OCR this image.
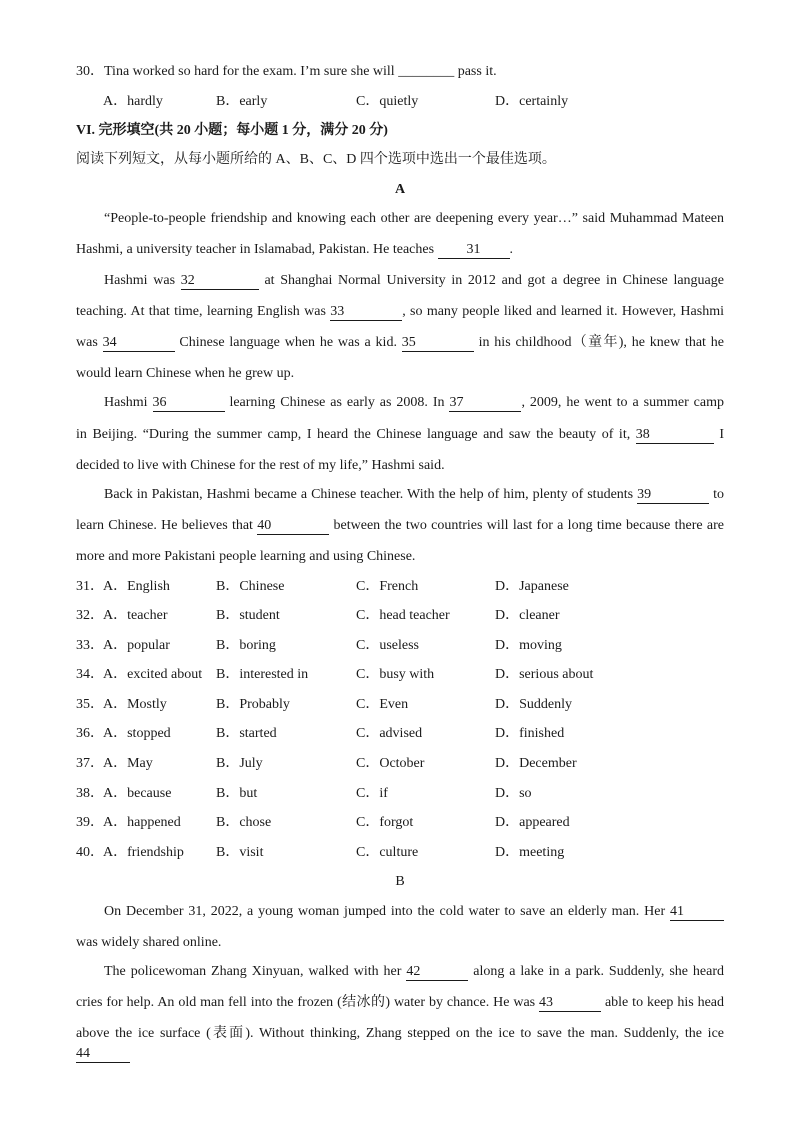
30．Tina worked so hard for the exam. I’m sure she will ________ pass it.
A．hardly	B．early	C．quietly	D．certainly
VI. 完形填空(共 20 小题；每小题 1 分，满分 20 分)
阅读下列短文，从每小题所给的 A、B、C、D 四个选项中选出一个最佳选项。
A
“People-to-people friendship and knowing each other are deepening every year…” said Muhammad Mateen
Hashmi, a university teacher in Islamabad, Pakistan. He teaches 31 .
Hashmi was 32	at Shanghai Normal University in 2012 and got a degree in Chinese language
teaching. At that time, learning English was 33	, so many people liked and learned it. However, Hashmi
was 34	Chinese language when he was a kid. 35	in his childhood（童年), he knew that he
would learn Chinese when he grew up.
Hashmi 36	learning Chinese as early as 2008. In 37	, 2009, he went to a summer camp
in Beijing. “During the summer camp, I heard the Chinese language and saw the beauty of it, 38	I
decided to live with Chinese for the rest of my life,” Hashmi said.
Back in Pakistan, Hashmi became a Chinese teacher. With the help of him, plenty of students 39	to
learn Chinese. He believes that 40	between the two countries will last for a long time because there are
more and more Pakistani people learning and using Chinese.
31． A．English	B．Chinese	C．French	D．Japanese
32． A．teacher	B．student	C．head teacher	D．cleaner
33． A．popular	B．boring	C．useless	D．moving
34． A．excited about B．interested in	C．busy with	D．serious about
35． A．Mostly	B．Probably	C．Even	D．Suddenly
36． A．stopped	B．started	C．advised	D．finished
37． A．May	B．July	C．October	D．December
38． A．because	B．but	C．if	D．so
39． A．happened	B．chose	C．forgot	D．appeared
40． A．friendship B．visit	C．culture	D．meeting
B
On December 31, 2022, a young woman jumped into the cold water to save an elderly man. Her 41
was widely shared online.
The policewoman Zhang Xinyuan, walked with her 42	along a lake in a park. Suddenly, she heard
cries for help. An old man fell into the frozen (结冰的) water by chance. He was 43	able to keep his head
above the ice surface (表面). Without thinking, Zhang stepped on the ice to save the man. Suddenly, the ice 44
